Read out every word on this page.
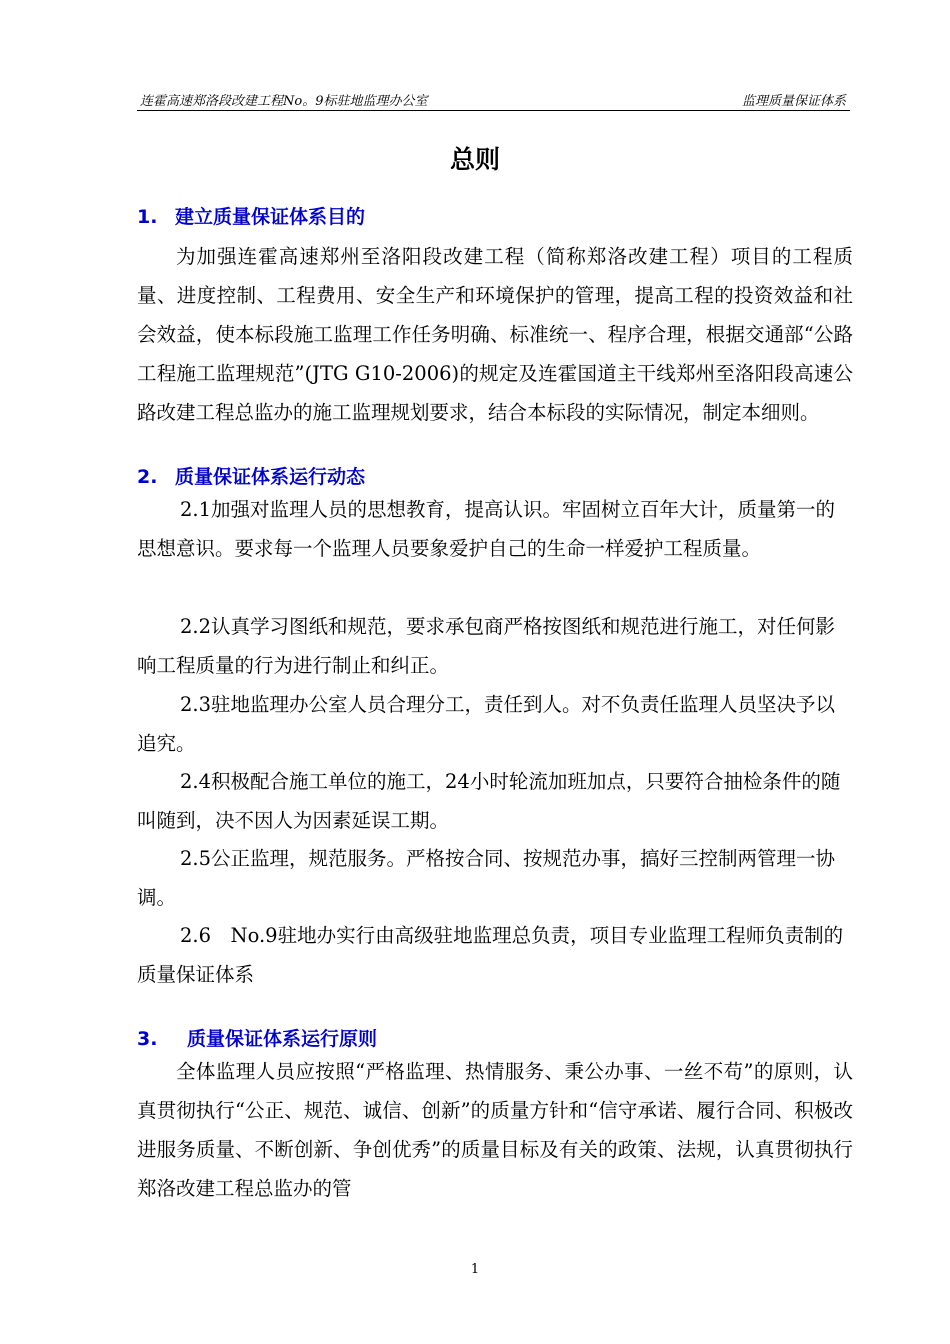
连霍高速郑洛段改建工程No。9标驻地监理办公室	监理质量保证体系
总则
1. 建立质量保证体系目的
为加强连霍高速郑州至洛阳段改建工程（简称郑洛改建工程）项目的工程质量、进度控制、工程费用、安全生产和环境保护的管理，提高工程的投资效益和社会效益，使本标段施工监理工作任务明确、标准统一、程序合理，根据交通部“公路工程施工监理规范”(JTG G10-2006)的规定及连霍国道主干线郑州至洛阳段高速公路改建工程总监办的施工监理规划要求，结合本标段的实际情况，制定本细则。
2. 质量保证体系运行动态
2.1加强对监理人员的思想教育，提高认识。牢固树立百年大计，质量第一的思想意识。要求每一个监理人员要象爱护自己的生命一样爱护工程质量。
2.2认真学习图纸和规范，要求承包商严格按图纸和规范进行施工，对任何影响工程质量的行为进行制止和纠正。
2.3驻地监理办公室人员合理分工，责任到人。对不负责任监理人员坚决予以追究。
2.4积极配合施工单位的施工，24小时轮流加班加点，只要符合抽检条件的随叫随到，决不因人为因素延误工期。
2.5公正监理，规范服务。严格按合同、按规范办事，搞好三控制两管理一协调。
2.6　No.9驻地办实行由高级驻地监理总负责，项目专业监理工程师负责制的质量保证体系
3. 质量保证体系运行原则
全体监理人员应按照“严格监理、热情服务、秉公办事、一丝不苟”的原则，认真贯彻执行“公正、规范、诚信、创新”的质量方针和“信守承诺、履行合同、积极改进服务质量、不断创新、争创优秀”的质量目标及有关的政策、法规，认真贯彻执行郑洛改建工程总监办的管
1
